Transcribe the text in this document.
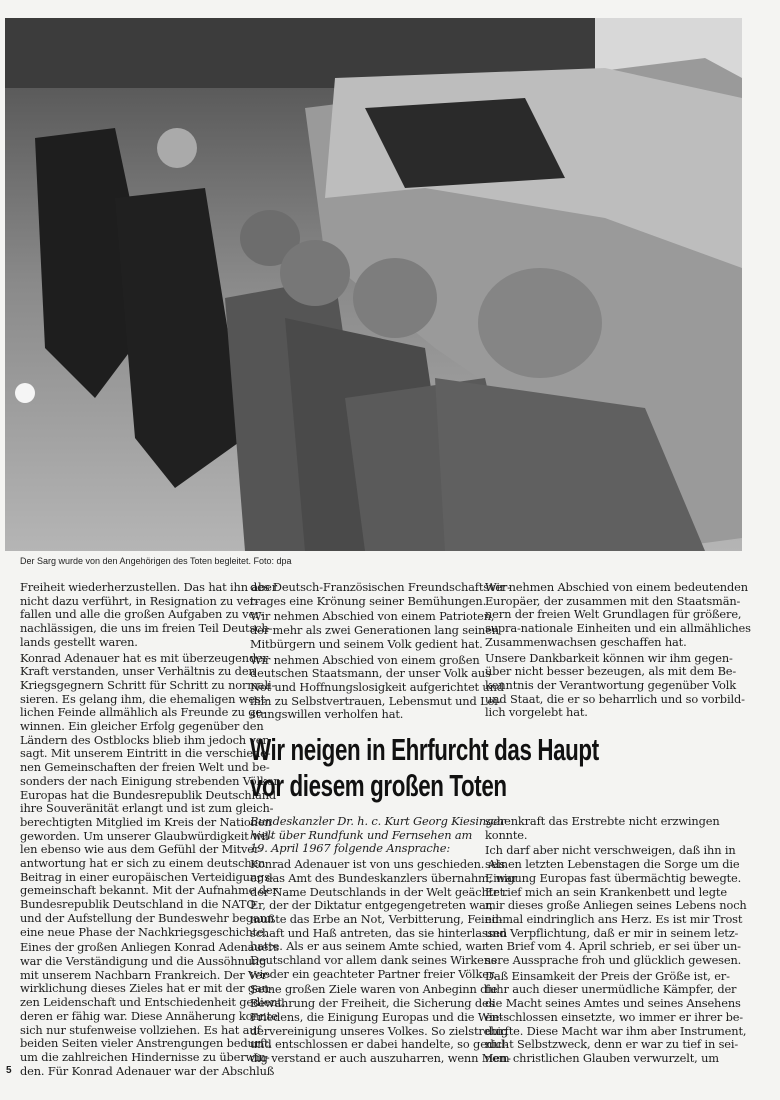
Der Sarg wurde von den Angehörigen des Toten begleitet. Foto: dpa
Freiheit wiederherzustellen. Das hat ihn aber
nicht dazu verführt, in Resignation zu ver-
fallen und alle die großen Aufgaben zu ver-
nachlässigen, die uns im freien Teil Deutsch-
lands gestellt waren.
Konrad Adenauer hat es mit überzeugender
Kraft verstanden, unser Verhältnis zu den
Kriegsgegnern Schritt für Schritt zu normali-
sieren. Es gelang ihm, die ehemaligen west-
lichen Feinde allmählich als Freunde zu ge-
winnen. Ein gleicher Erfolg gegenüber den
Ländern des Ostblocks blieb ihm jedoch ver-
sagt. Mit unserem Eintritt in die verschiede-
nen Gemeinschaften der freien Welt und be-
sonders der nach Einigung strebenden Völker
Europas hat die Bundesrepublik Deutschland
ihre Souveränität erlangt und ist zum gleich-
berechtigten Mitglied im Kreis der Nationen
geworden. Um unserer Glaubwürdigkeit wil-
len ebenso wie aus dem Gefühl der Mitver-
antwortung hat er sich zu einem deutschen
Beitrag in einer europäischen Verteidigungs-
gemeinschaft bekannt. Mit der Aufnahme der
Bundesrepublik Deutschland in die NATO
und der Aufstellung der Bundeswehr begann
eine neue Phase der Nachkriegsgeschichte.
Eines der großen Anliegen Konrad Adenauers
war die Verständigung und die Aussöhnung
mit unserem Nachbarn Frankreich. Der Ver-
wirklichung dieses Zieles hat er mit der gan-
zen Leidenschaft und Entschiedenheit gedient,
deren er fähig war. Diese Annäherung konnte
sich nur stufenweise vollziehen. Es hat auf
beiden Seiten vieler Anstrengungen bedurft,
um die zahlreichen Hindernisse zu überwin-
den. Für Konrad Adenauer war der Abschluß
des Deutsch-Französischen Freundschaftsver-
trages eine Krönung seiner Bemühungen.
Wir nehmen Abschied von einem Patrioten,
der mehr als zwei Generationen lang seinen
Mitbürgern und seinem Volk gedient hat.
Wir nehmen Abschied von einem großen
deutschen Staatsmann, der unser Volk aus
Not und Hoffnungslosigkeit aufgerichtet und
ihm zu Selbstvertrauen, Lebensmut und Lei-
stungswillen verholfen hat.
Wir nehmen Abschied von einem bedeutenden
Europäer, der zusammen mit den Staatsmän-
nern der freien Welt Grundlagen für größere,
supra-nationale Einheiten und ein allmähliches
Zusammenwachsen geschaffen hat.
Unsere Dankbarkeit können wir ihm gegen-
über nicht besser bezeugen, als mit dem Be-
kenntnis der Verantwortung gegenüber Volk
und Staat, die er so beharrlich und so vorbild-
lich vorgelebt hat.
Wir neigen in Ehrfurcht das Haupt
vor diesem großen Toten
Bundeskanzler Dr. h. c. Kurt Georg Kiesinger
hielt über Rundfunk und Fernsehen am
19. April 1967 folgende Ansprache:
Konrad Adenauer ist von uns geschieden. Als
er das Amt des Bundeskanzlers übernahm, war
der Name Deutschlands in der Welt geächtet.
Er, der der Diktatur entgegengetreten war,
mußte das Erbe an Not, Verbitterung, Feind-
schaft und Haß antreten, das sie hinterlassen
hatte. Als er aus seinem Amte schied, war
Deutschland vor allem dank seines Wirkens
wieder ein geachteter Partner freier Völker.
Seine großen Ziele waren von Anbeginn die
Bewahrung der Freiheit, die Sicherung des
Friedens, die Einigung Europas und die Wie-
dervereinigung unseres Volkes. So zielstrebig
und entschlossen er dabei handelte, so gedul-
dig verstand er auch auszuharren, wenn Men-
schenkraft das Erstrebte nicht erzwingen
konnte.
Ich darf aber nicht verschweigen, daß ihn in
seinen letzten Lebenstagen die Sorge um die
Einigung Europas fast übermächtig bewegte.
Er rief mich an sein Krankenbett und legte
mir dieses große Anliegen seines Lebens noch
einmal eindringlich ans Herz. Es ist mir Trost
und Verpflichtung, daß er mir in seinem letz-
ten Brief vom 4. April schrieb, er sei über un-
sere Aussprache froh und glücklich gewesen.
Daß Einsamkeit der Preis der Größe ist, er-
fuhr auch dieser unermüdliche Kämpfer, der
die Macht seines Amtes und seines Ansehens
entschlossen einsetzte, wo immer er ihrer be-
durfte. Diese Macht war ihm aber Instrument,
nicht Selbstzweck, denn er war zu tief in sei-
nem christlichen Glauben verwurzelt, um
5
